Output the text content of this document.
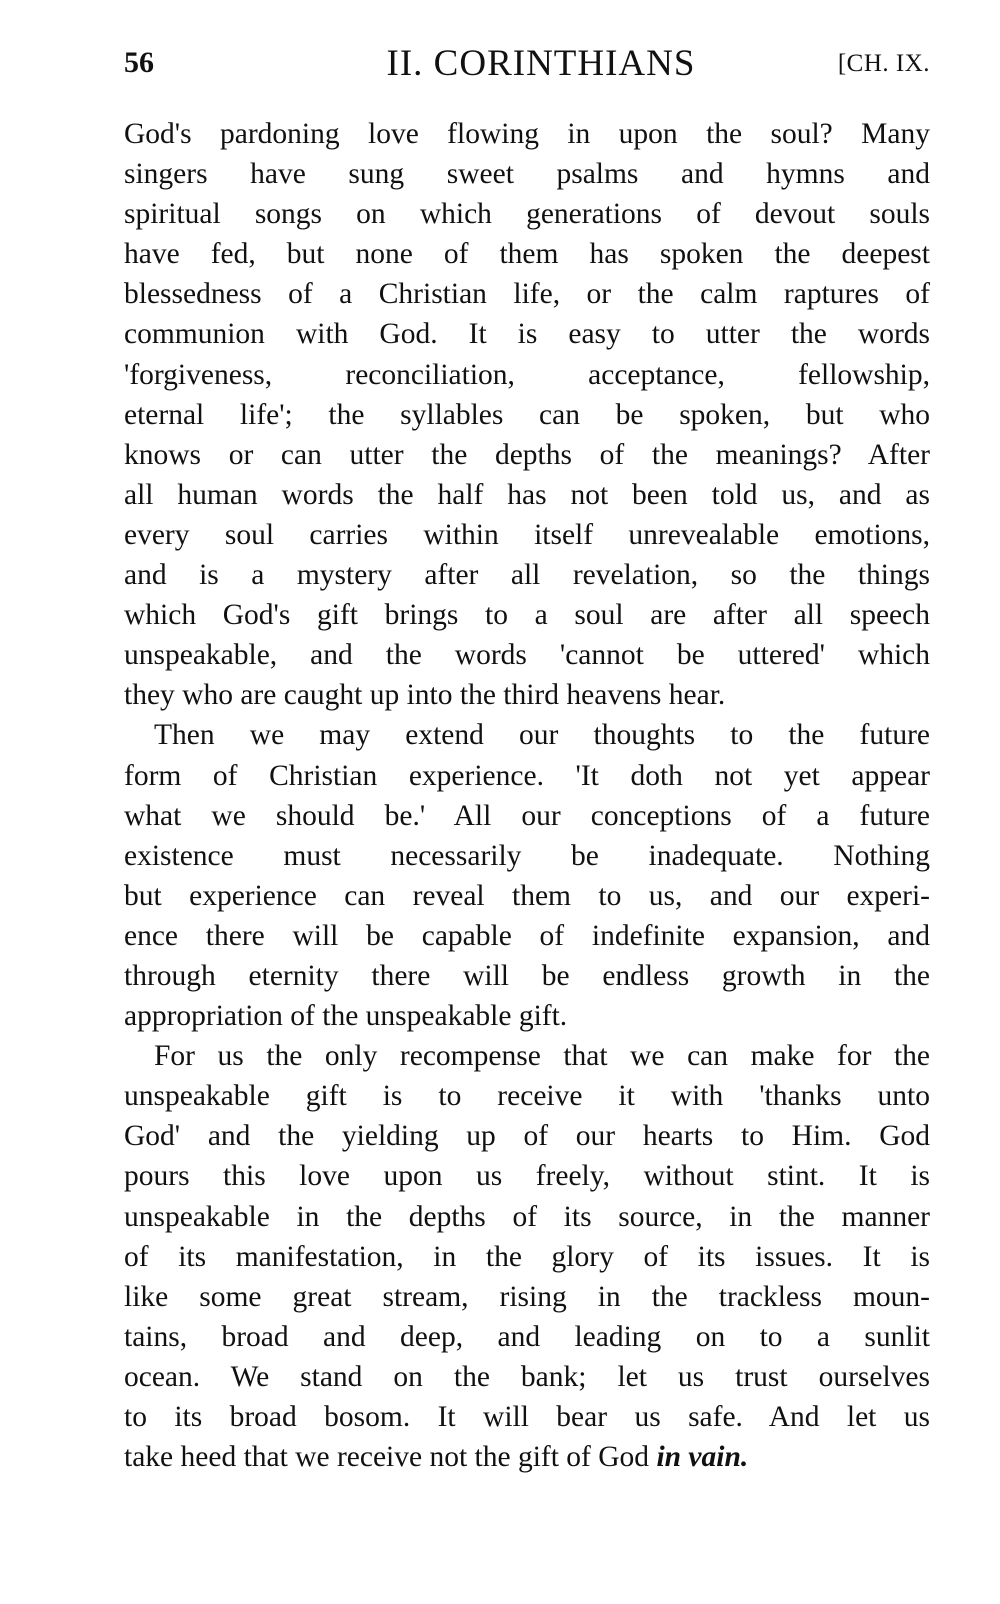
56	II. CORINTHIANS	[CH. IX.
God's pardoning love flowing in upon the soul? Many
singers have sung sweet psalms and hymns and
spiritual songs on which generations of devout souls
have fed, but none of them has spoken the deepest
blessedness of a Christian life, or the calm raptures of
communion with God. It is easy to utter the words
'forgiveness, reconciliation, acceptance, fellowship,
eternal life'; the syllables can be spoken, but who
knows or can utter the depths of the meanings? After
all human words the half has not been told us, and as
every soul carries within itself unrevealable emotions,
and is a mystery after all revelation, so the things
which God's gift brings to a soul are after all speech
unspeakable, and the words 'cannot be uttered' which
they who are caught up into the third heavens hear.
Then we may extend our thoughts to the future
form of Christian experience. 'It doth not yet appear
what we should be.' All our conceptions of a future
existence must necessarily be inadequate. Nothing
but experience can reveal them to us, and our experi-
ence there will be capable of indefinite expansion, and
through eternity there will be endless growth in the
appropriation of the unspeakable gift.
For us the only recompense that we can make for the
unspeakable gift is to receive it with 'thanks unto
God' and the yielding up of our hearts to Him. God
pours this love upon us freely, without stint. It is
unspeakable in the depths of its source, in the manner
of its manifestation, in the glory of its issues. It is
like some great stream, rising in the trackless moun-
tains, broad and deep, and leading on to a sunlit
ocean. We stand on the bank; let us trust ourselves
to its broad bosom. It will bear us safe. And let us
take heed that we receive not the gift of God in vain.
